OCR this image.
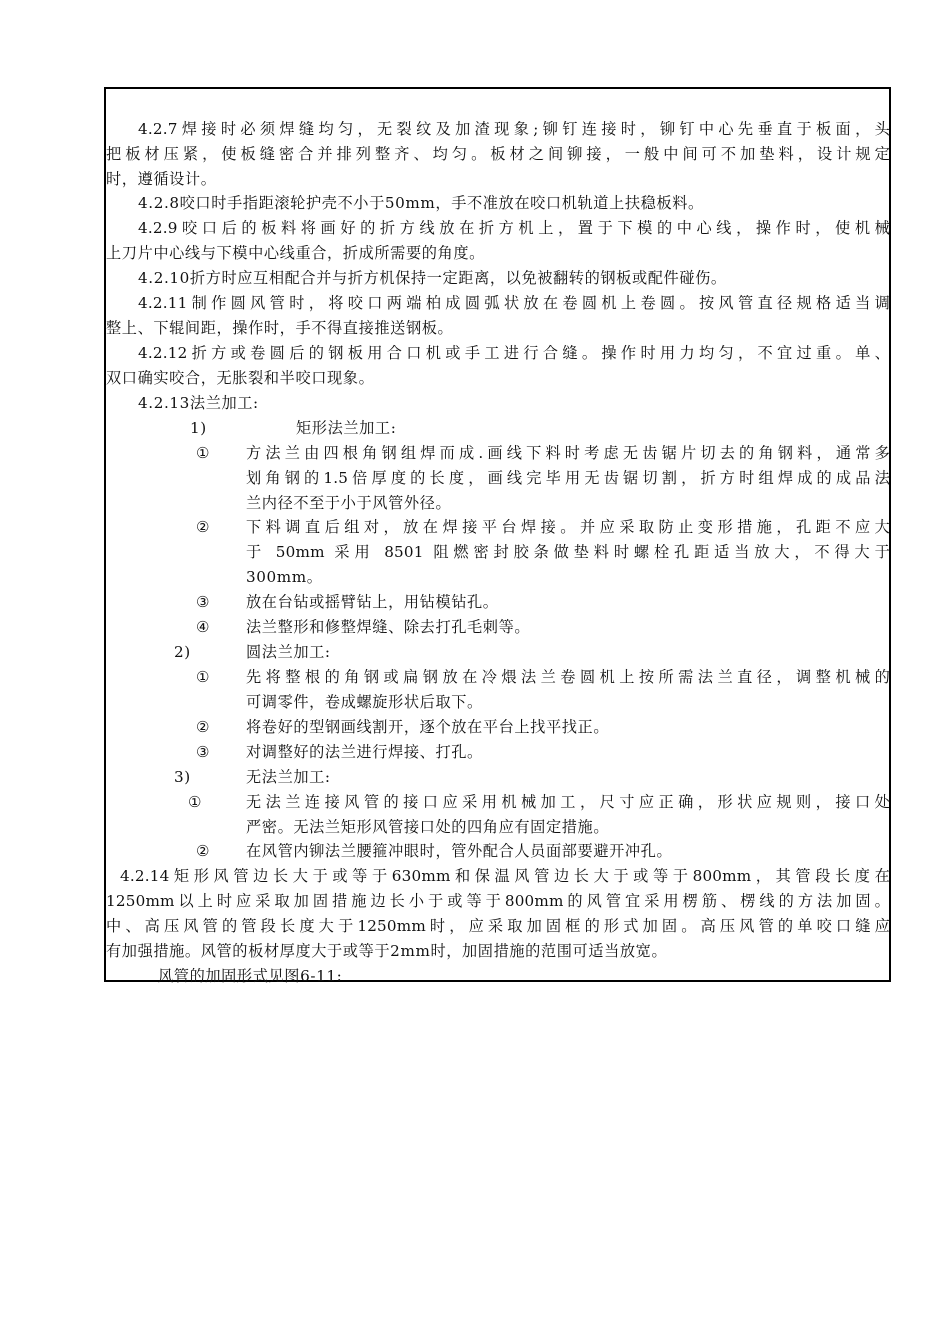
4.2.7焊接时必须焊缝均匀，无裂纹及加渣现象;铆钉连接时，铆钉中心先垂直于板面，头
把板材压紧，使板缝密合并排列整齐、均匀。板材之间铆接，一般中间可不加垫料，设计规定
时，遵循设计。
4.2.8咬口时手指距滚轮护壳不小于50mm，手不准放在咬口机轨道上扶稳板料。
4.2.9咬口后的板料将画好的折方线放在折方机上，置于下模的中心线，操作时，使机械
上刀片中心线与下模中心线重合，折成所需要的角度。
4.2.10折方时应互相配合并与折方机保持一定距离，以免被翻转的钢板或配件碰伤。
4.2.11制作圆风管时，将咬口两端柏成圆弧状放在卷圆机上卷圆。按风管直径规格适当调
整上、下辊间距，操作时，手不得直接推送钢板。
4.2.12折方或卷圆后的钢板用合口机或手工进行合缝。操作时用力均匀，不宜过重。单、
双口确实咬合，无胀裂和半咬口现象。
4.2.13法兰加工:
1)	矩形法兰加工:
① 方法兰由四根角钢组焊而成.画线下料时考虑无齿锯片切去的角钢料，通常多
划角钢的1.5倍厚度的长度，画线完毕用无齿锯切割，折方时组焊成的成品法
兰内径不至于小于风管外径。
② 下料调直后组对，放在焊接平台焊接。并应采取防止变形措施，孔距不应大
于 50mm 采用 8501 阻燃密封胶条做垫料时螺栓孔距适当放大，不得大于
300mm。
③ 放在台钻或摇臂钻上，用钻模钻孔。
④ 法兰整形和修整焊缝、除去打孔毛刺等。
2)	圆法兰加工:
① 先将整根的角钢或扁钢放在冷煨法兰卷圆机上按所需法兰直径，调整机械的
可调零件，卷成螺旋形状后取下。
② 将卷好的型钢画线割开，逐个放在平台上找平找正。
③ 对调整好的法兰进行焊接、打孔。
3)	无法兰加工:
①	无法兰连接风管的接口应采用机械加工，尺寸应正确，形状应规则，接口处
严密。无法兰矩形风管接口处的四角应有固定措施。
② 在风管内铆法兰腰箍冲眼时，管外配合人员面部要避开冲孔。
4.2.14矩形风管边长大于或等于630mm和保温风管边长大于或等于800mm，其管段长度在
1250mm以上时应采取加固措施边长小于或等于800mm的风管宜采用楞筋、楞线的方法加固。
中、高压风管的管段长度大于1250mm时，应采取加固框的形式加固。高压风管的单咬口缝应
有加强措施。风管的板材厚度大于或等于2mm时，加固措施的范围可适当放宽。
风管的加固形式见图6-11:
